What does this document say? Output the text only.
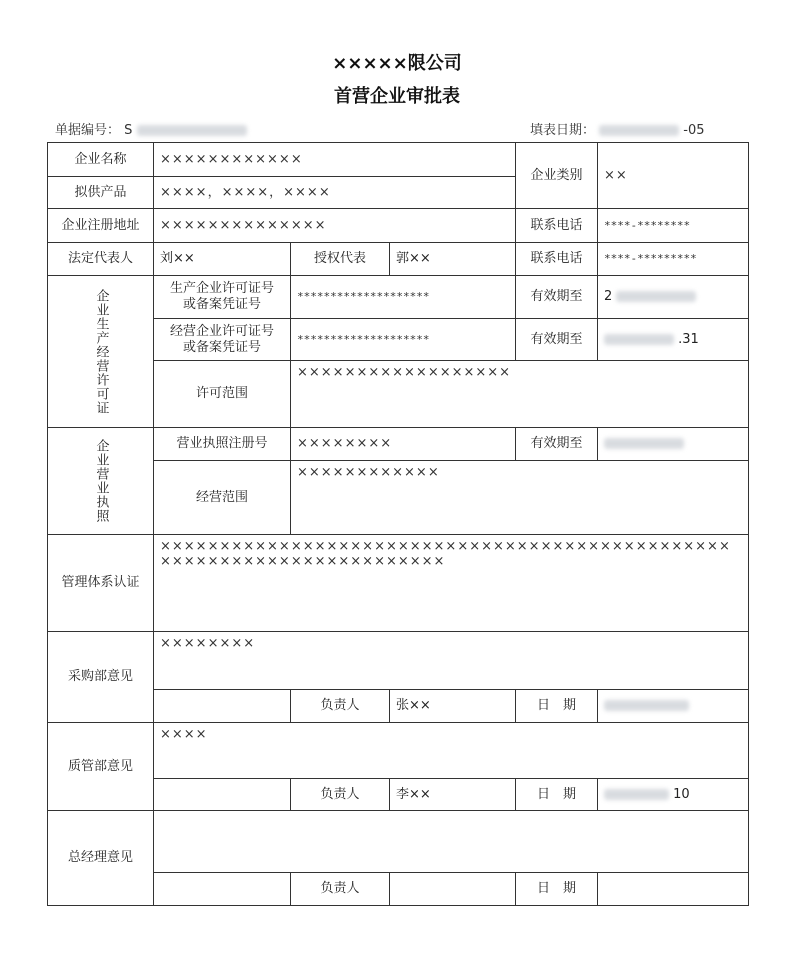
×××××限公司
首营企业审批表
单据编号： S	填表日期：	-05
企业名称	××××××××××××			企业类别	××
拟供产品	××××，××××，××××				
企业注册地址	××××××××××××××			联系电话	****-********
法定代表人	刘××	授权代表	郭××	联系电话	****-*********

企业生产经营许可证	生产企业许可证号
或备案凭证号	********************		有效期至	2

	经营企业许可证号
或备案凭证号	********************		有效期至	.31
	许可范围	××××××××××××××××××			

企业营业执照	营业执照注册号	××××××××		有效期至	
	经营范围	××××××××××××			
管理体系认证	××××××××××××××××××××××××××××××××××××××××××××××××××××××××××××××××××××××××				
采购部意见	××××××××				
		负责人	张××	日　期	
质管部意见	××××				
		负责人	李××	日　期	10
总经理意见					
		负责人		日　期	
